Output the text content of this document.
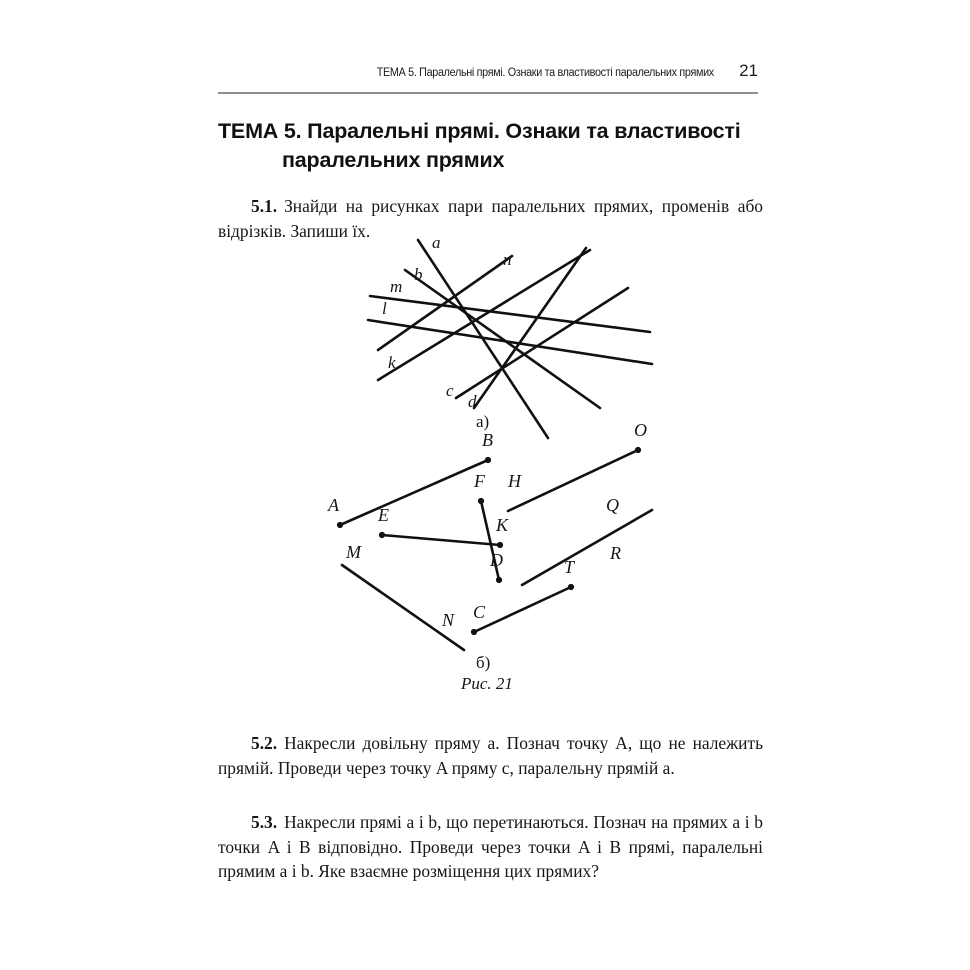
ТЕМА 5. Паралельні прямі. Ознаки та властивості паралельних прямих 21
ТЕМА 5. Паралельні прямі. Ознаки та властивості
паралельних прямих

5.1. Знайди на рисунках пари паралельних прямих, променів або відрізків. Запиши їх.

a
n
b
m
l
k
c
d
A
B
E	K
F H
O
D
Q
R
T
C
M
N
а)
б)
Рис. 21

5.2. Накресли довільну пряму a. Познач точку A, що не належить прямій. Проведи через точку A пряму c, паралельну прямій a.

5.3. Накресли прямі a і b, що перетинаються. Познач на прямих a і b точки A і B відповідно. Проведи через точки A і B прямі, паралельні прямим a і b. Яке взаємне розміщення цих прямих?
